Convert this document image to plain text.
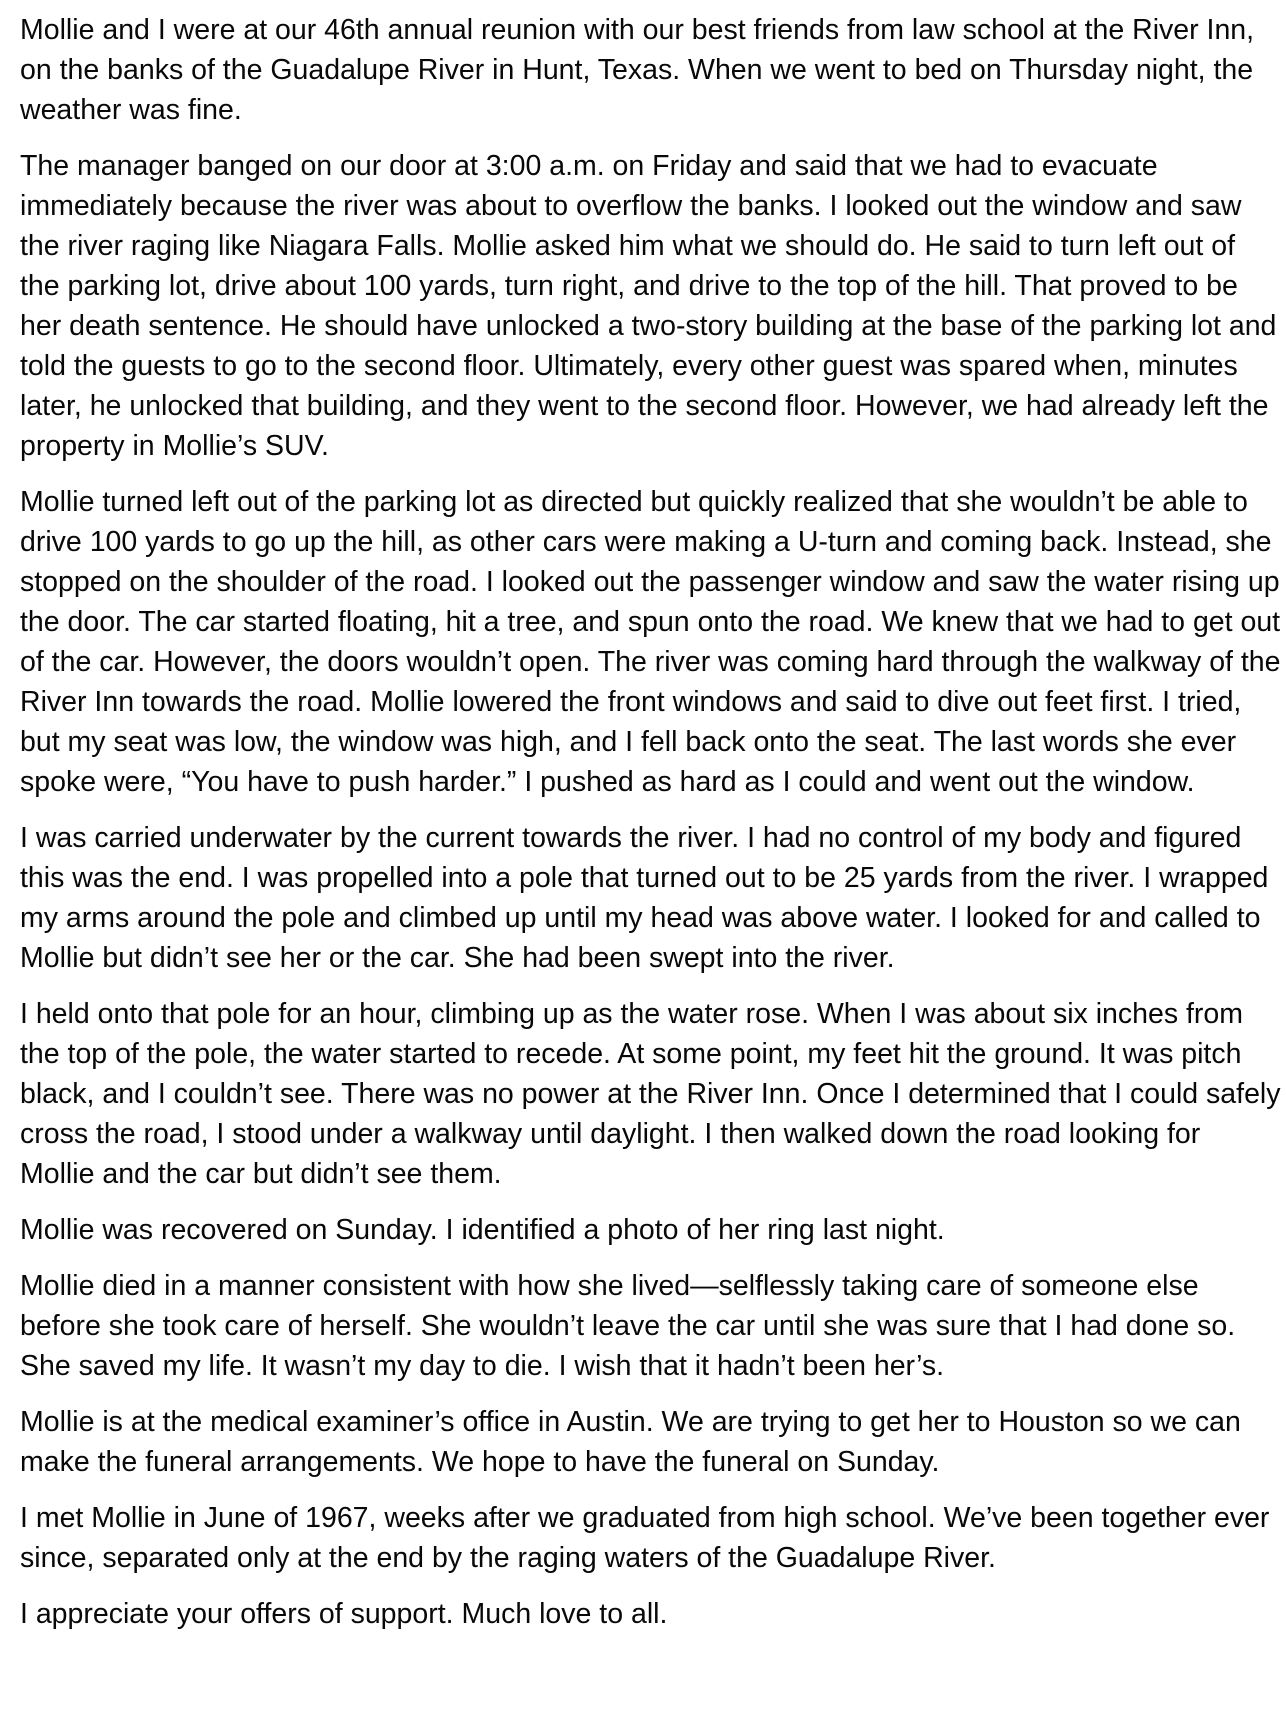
Mollie and I were at our 46th annual reunion with our best friends from law school at the River Inn, on the banks of the Guadalupe River in Hunt, Texas. When we went to bed on Thursday night, the weather was fine.

The manager banged on our door at 3:00 a.m. on Friday and said that we had to evacuate immediately because the river was about to overflow the banks. I looked out the window and saw the river raging like Niagara Falls. Mollie asked him what we should do. He said to turn left out of the parking lot, drive about 100 yards, turn right, and drive to the top of the hill. That proved to be her death sentence. He should have unlocked a two-story building at the base of the parking lot and told the guests to go to the second floor. Ultimately, every other guest was spared when, minutes later, he unlocked that building, and they went to the second floor. However, we had already left the property in Mollie’s SUV.

Mollie turned left out of the parking lot as directed but quickly realized that she wouldn’t be able to drive 100 yards to go up the hill, as other cars were making a U-turn and coming back. Instead, she stopped on the shoulder of the road. I looked out the passenger window and saw the water rising up the door. The car started floating, hit a tree, and spun onto the road. We knew that we had to get out of the car. However, the doors wouldn’t open. The river was coming hard through the walkway of the River Inn towards the road. Mollie lowered the front windows and said to dive out feet first. I tried, but my seat was low, the window was high, and I fell back onto the seat. The last words she ever spoke were, “You have to push harder.” I pushed as hard as I could and went out the window.

I was carried underwater by the current towards the river. I had no control of my body and figured this was the end. I was propelled into a pole that turned out to be 25 yards from the river. I wrapped my arms around the pole and climbed up until my head was above water. I looked for and called to Mollie but didn’t see her or the car. She had been swept into the river.

I held onto that pole for an hour, climbing up as the water rose. When I was about six inches from the top of the pole, the water started to recede. At some point, my feet hit the ground. It was pitch black, and I couldn’t see. There was no power at the River Inn. Once I determined that I could safely cross the road, I stood under a walkway until daylight. I then walked down the road looking for Mollie and the car but didn’t see them.

Mollie was recovered on Sunday. I identified a photo of her ring last night.

Mollie died in a manner consistent with how she lived—selflessly taking care of someone else before she took care of herself. She wouldn’t leave the car until she was sure that I had done so. She saved my life. It wasn’t my day to die. I wish that it hadn’t been her’s.

Mollie is at the medical examiner’s office in Austin. We are trying to get her to Houston so we can make the funeral arrangements. We hope to have the funeral on Sunday.

I met Mollie in June of 1967, weeks after we graduated from high school. We’ve been together ever since, separated only at the end by the raging waters of the Guadalupe River.

I appreciate your offers of support. Much love to all.
